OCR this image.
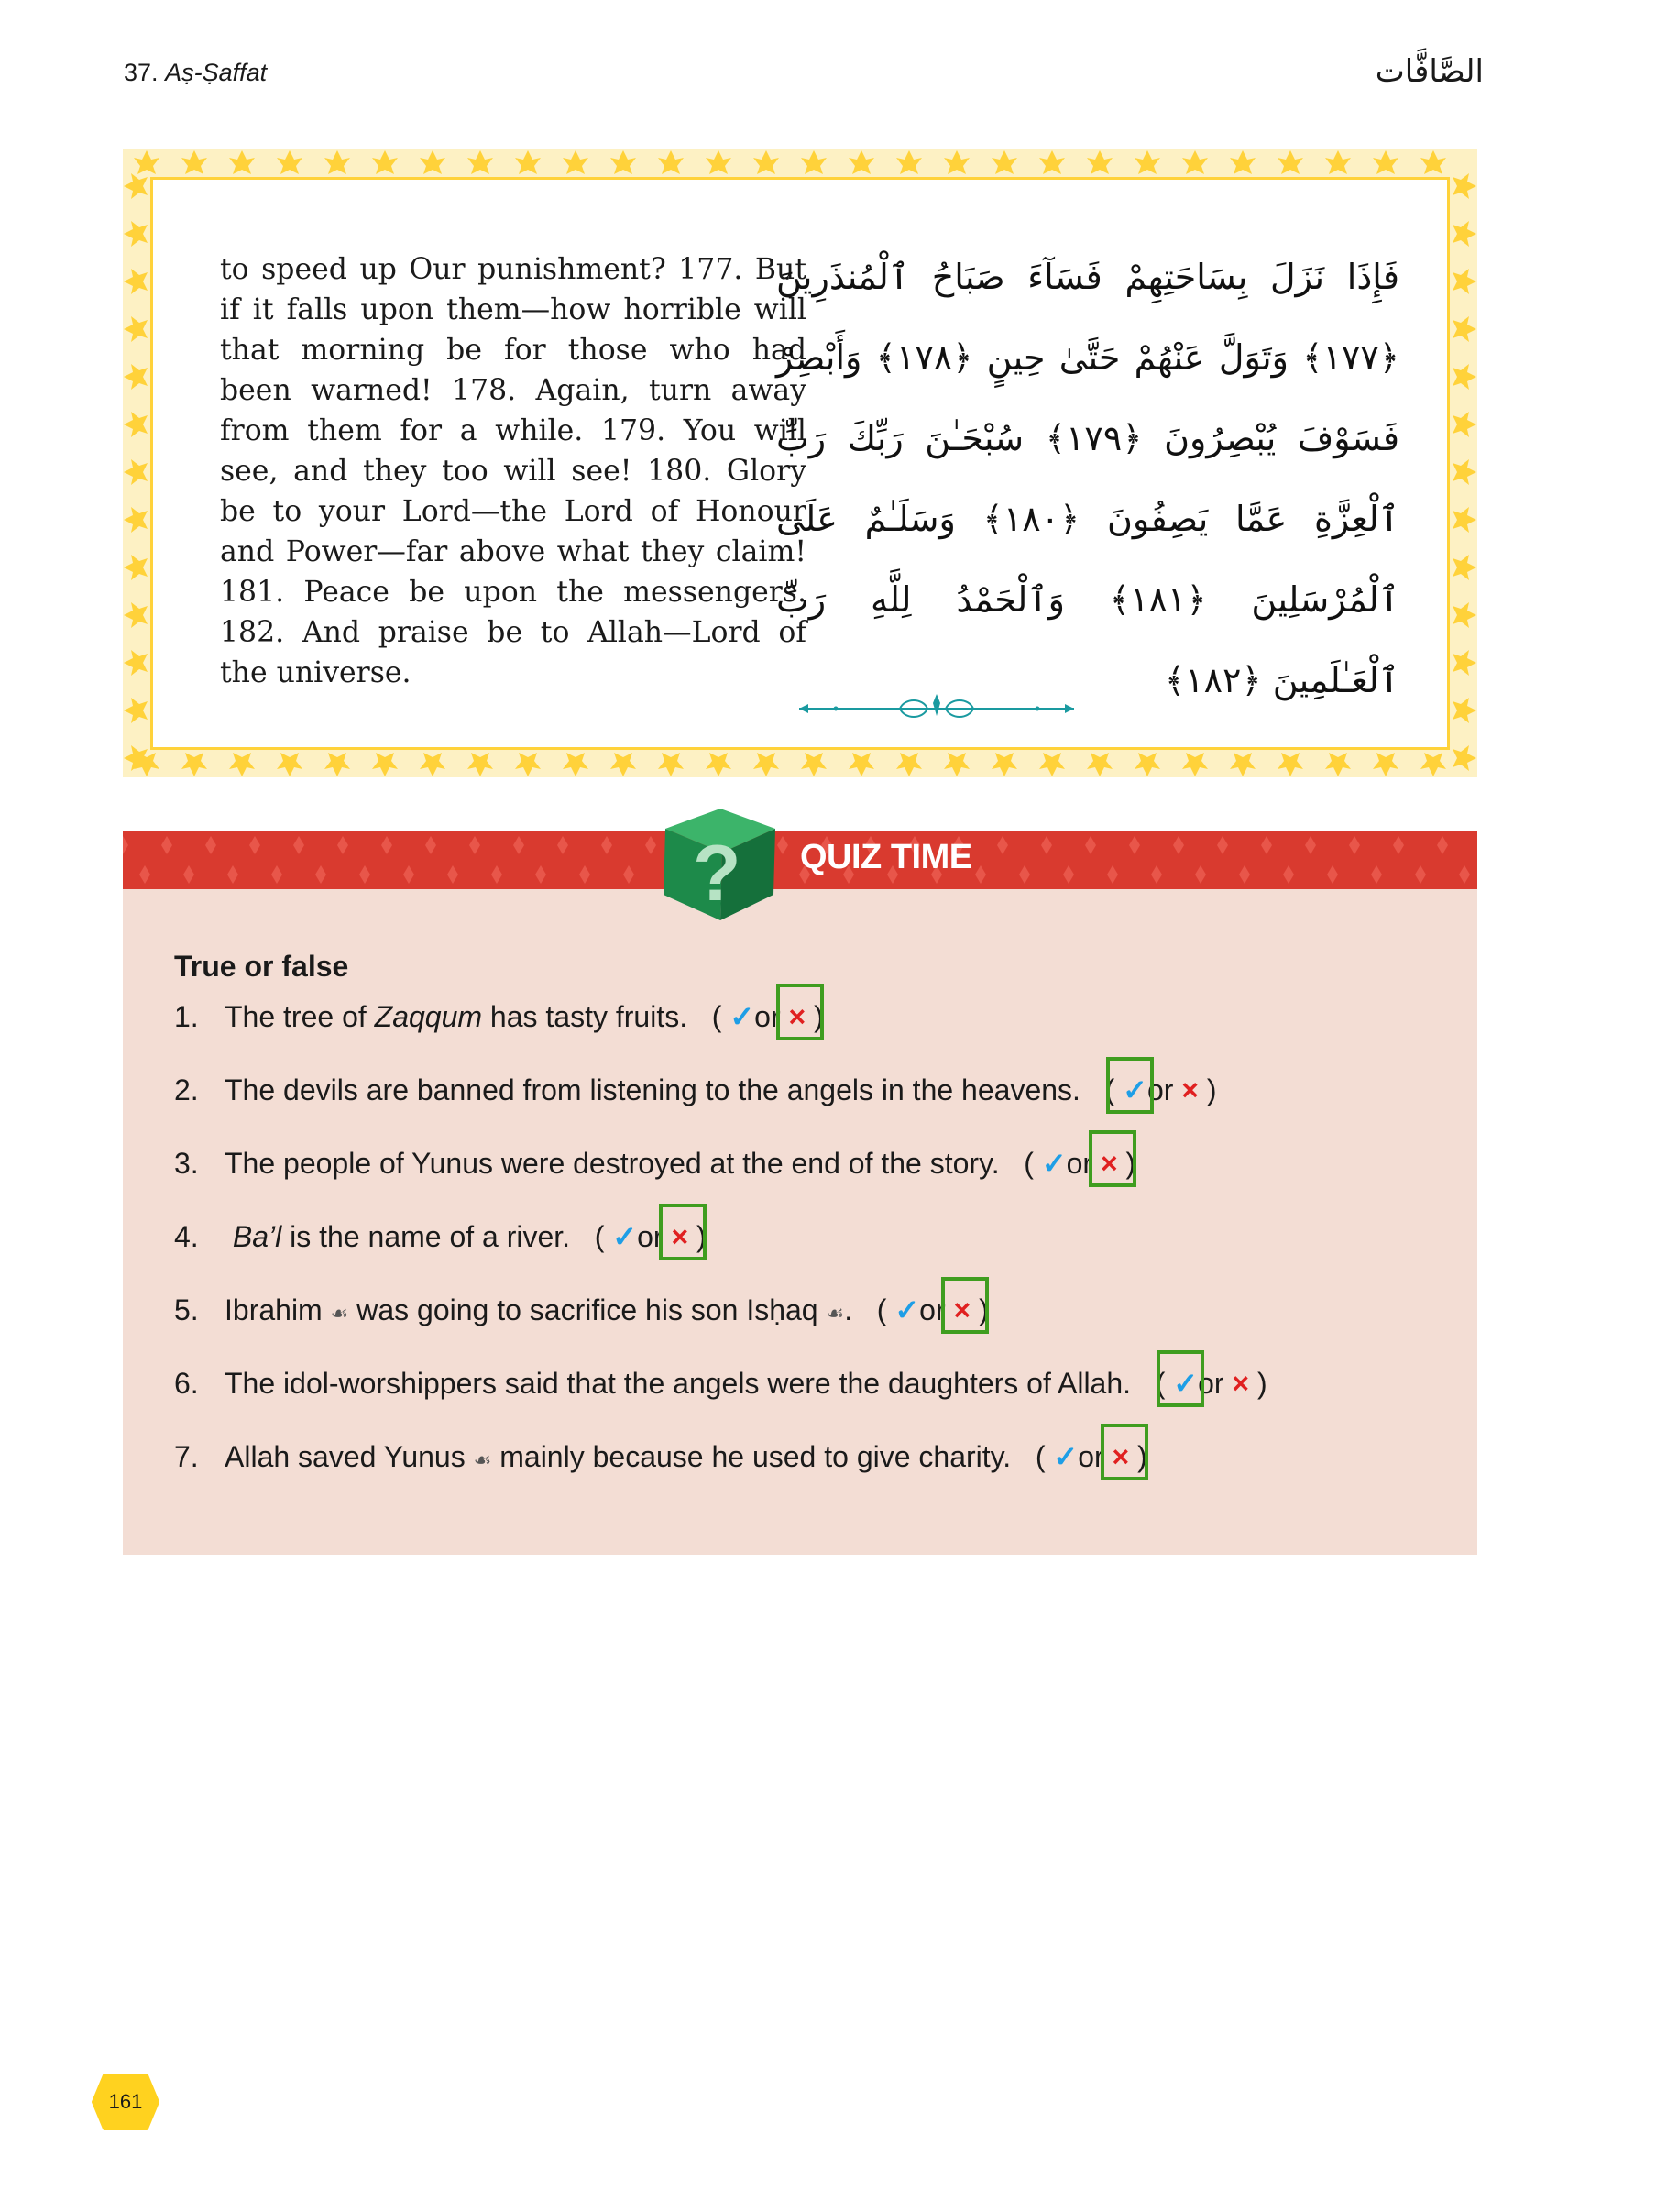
37. Aṣ-Ṣaffat	الصَّافَّات

to speed up Our punishment? 177. But if it falls upon them—how horrible will that morning be for those who had been warned! 178. Again, turn away from them for a while. 179. You will see, and they too will see! 180. Glory be to your Lord—the Lord of Honour and Power—far above what they claim! 181. Peace be upon the messengers. 182. And praise be to Allah—Lord of the universe.

فَإِذَا نَزَلَ بِسَاحَتِهِمْ فَسَآءَ صَبَاحُ ٱلْمُنذَرِينَ ﴿١٧٧﴾ وَتَوَلَّ عَنْهُمْ حَتَّىٰ حِينٍ ﴿١٧٨﴾ وَأَبْصِرْ فَسَوْفَ يُبْصِرُونَ ﴿١٧٩﴾ سُبْحَـٰنَ رَبِّكَ رَبِّ ٱلْعِزَّةِ عَمَّا يَصِفُونَ ﴿١٨٠﴾ وَسَلَـٰمٌ عَلَى ٱلْمُرْسَلِينَ ﴿١٨١﴾ وَٱلْحَمْدُ لِلَّهِ رَبِّ ٱلْعَـٰلَمِينَ ﴿١٨٢﴾

? QUIZ TIME
True or false
1. The tree of Zaqqum has tasty fruits.   ( ✓or ×
)
2. The devils are banned from listening to the angels in the heavens.   ( ✓
or × )
3. The people of Yunus were destroyed at the end of the story.   ( ✓or ×
)
4. Ba’l is the name of a river.   ( ✓or ×
)
5. Ibrahim ☙ was going to sacrifice his son Isḥaq ☙.   ( ✓or ×
)
6. The idol-worshippers said that the angels were the daughters of Allah.   ( ✓
or × )
7. Allah saved Yunus ☙ mainly because he used to give charity.   ( ✓or ×
)
161
